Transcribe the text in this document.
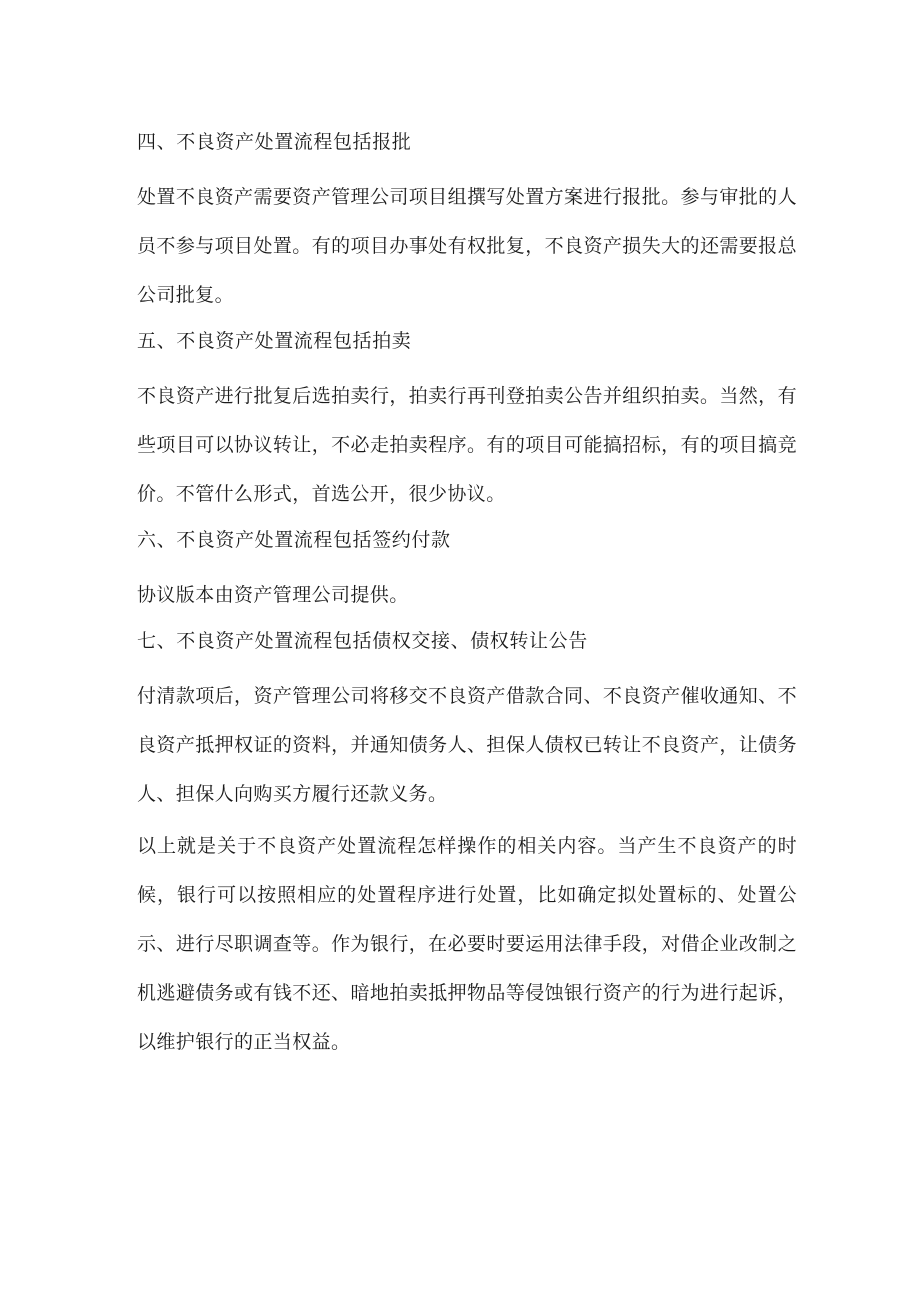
四、不良资产处置流程包括报批

处置不良资产需要资产管理公司项目组撰写处置方案进行报批。参与审批的人员不参与项目处置。有的项目办事处有权批复，不良资产损失大的还需要报总公司批复。

五、不良资产处置流程包括拍卖

不良资产进行批复后选拍卖行，拍卖行再刊登拍卖公告并组织拍卖。当然，有些项目可以协议转让，不必走拍卖程序。有的项目可能搞招标，有的项目搞竞价。不管什么形式，首选公开，很少协议。

六、不良资产处置流程包括签约付款

协议版本由资产管理公司提供。

七、不良资产处置流程包括债权交接、债权转让公告

付清款项后，资产管理公司将移交不良资产借款合同、不良资产催收通知、不良资产抵押权证的资料，并通知债务人、担保人债权已转让不良资产，让债务人、担保人向购买方履行还款义务。

以上就是关于不良资产处置流程怎样操作的相关内容。当产生不良资产的时候，银行可以按照相应的处置程序进行处置，比如确定拟处置标的、处置公示、进行尽职调查等。作为银行，在必要时要运用法律手段，对借企业改制之机逃避债务或有钱不还、暗地拍卖抵押物品等侵蚀银行资产的行为进行起诉，以维护银行的正当权益。
